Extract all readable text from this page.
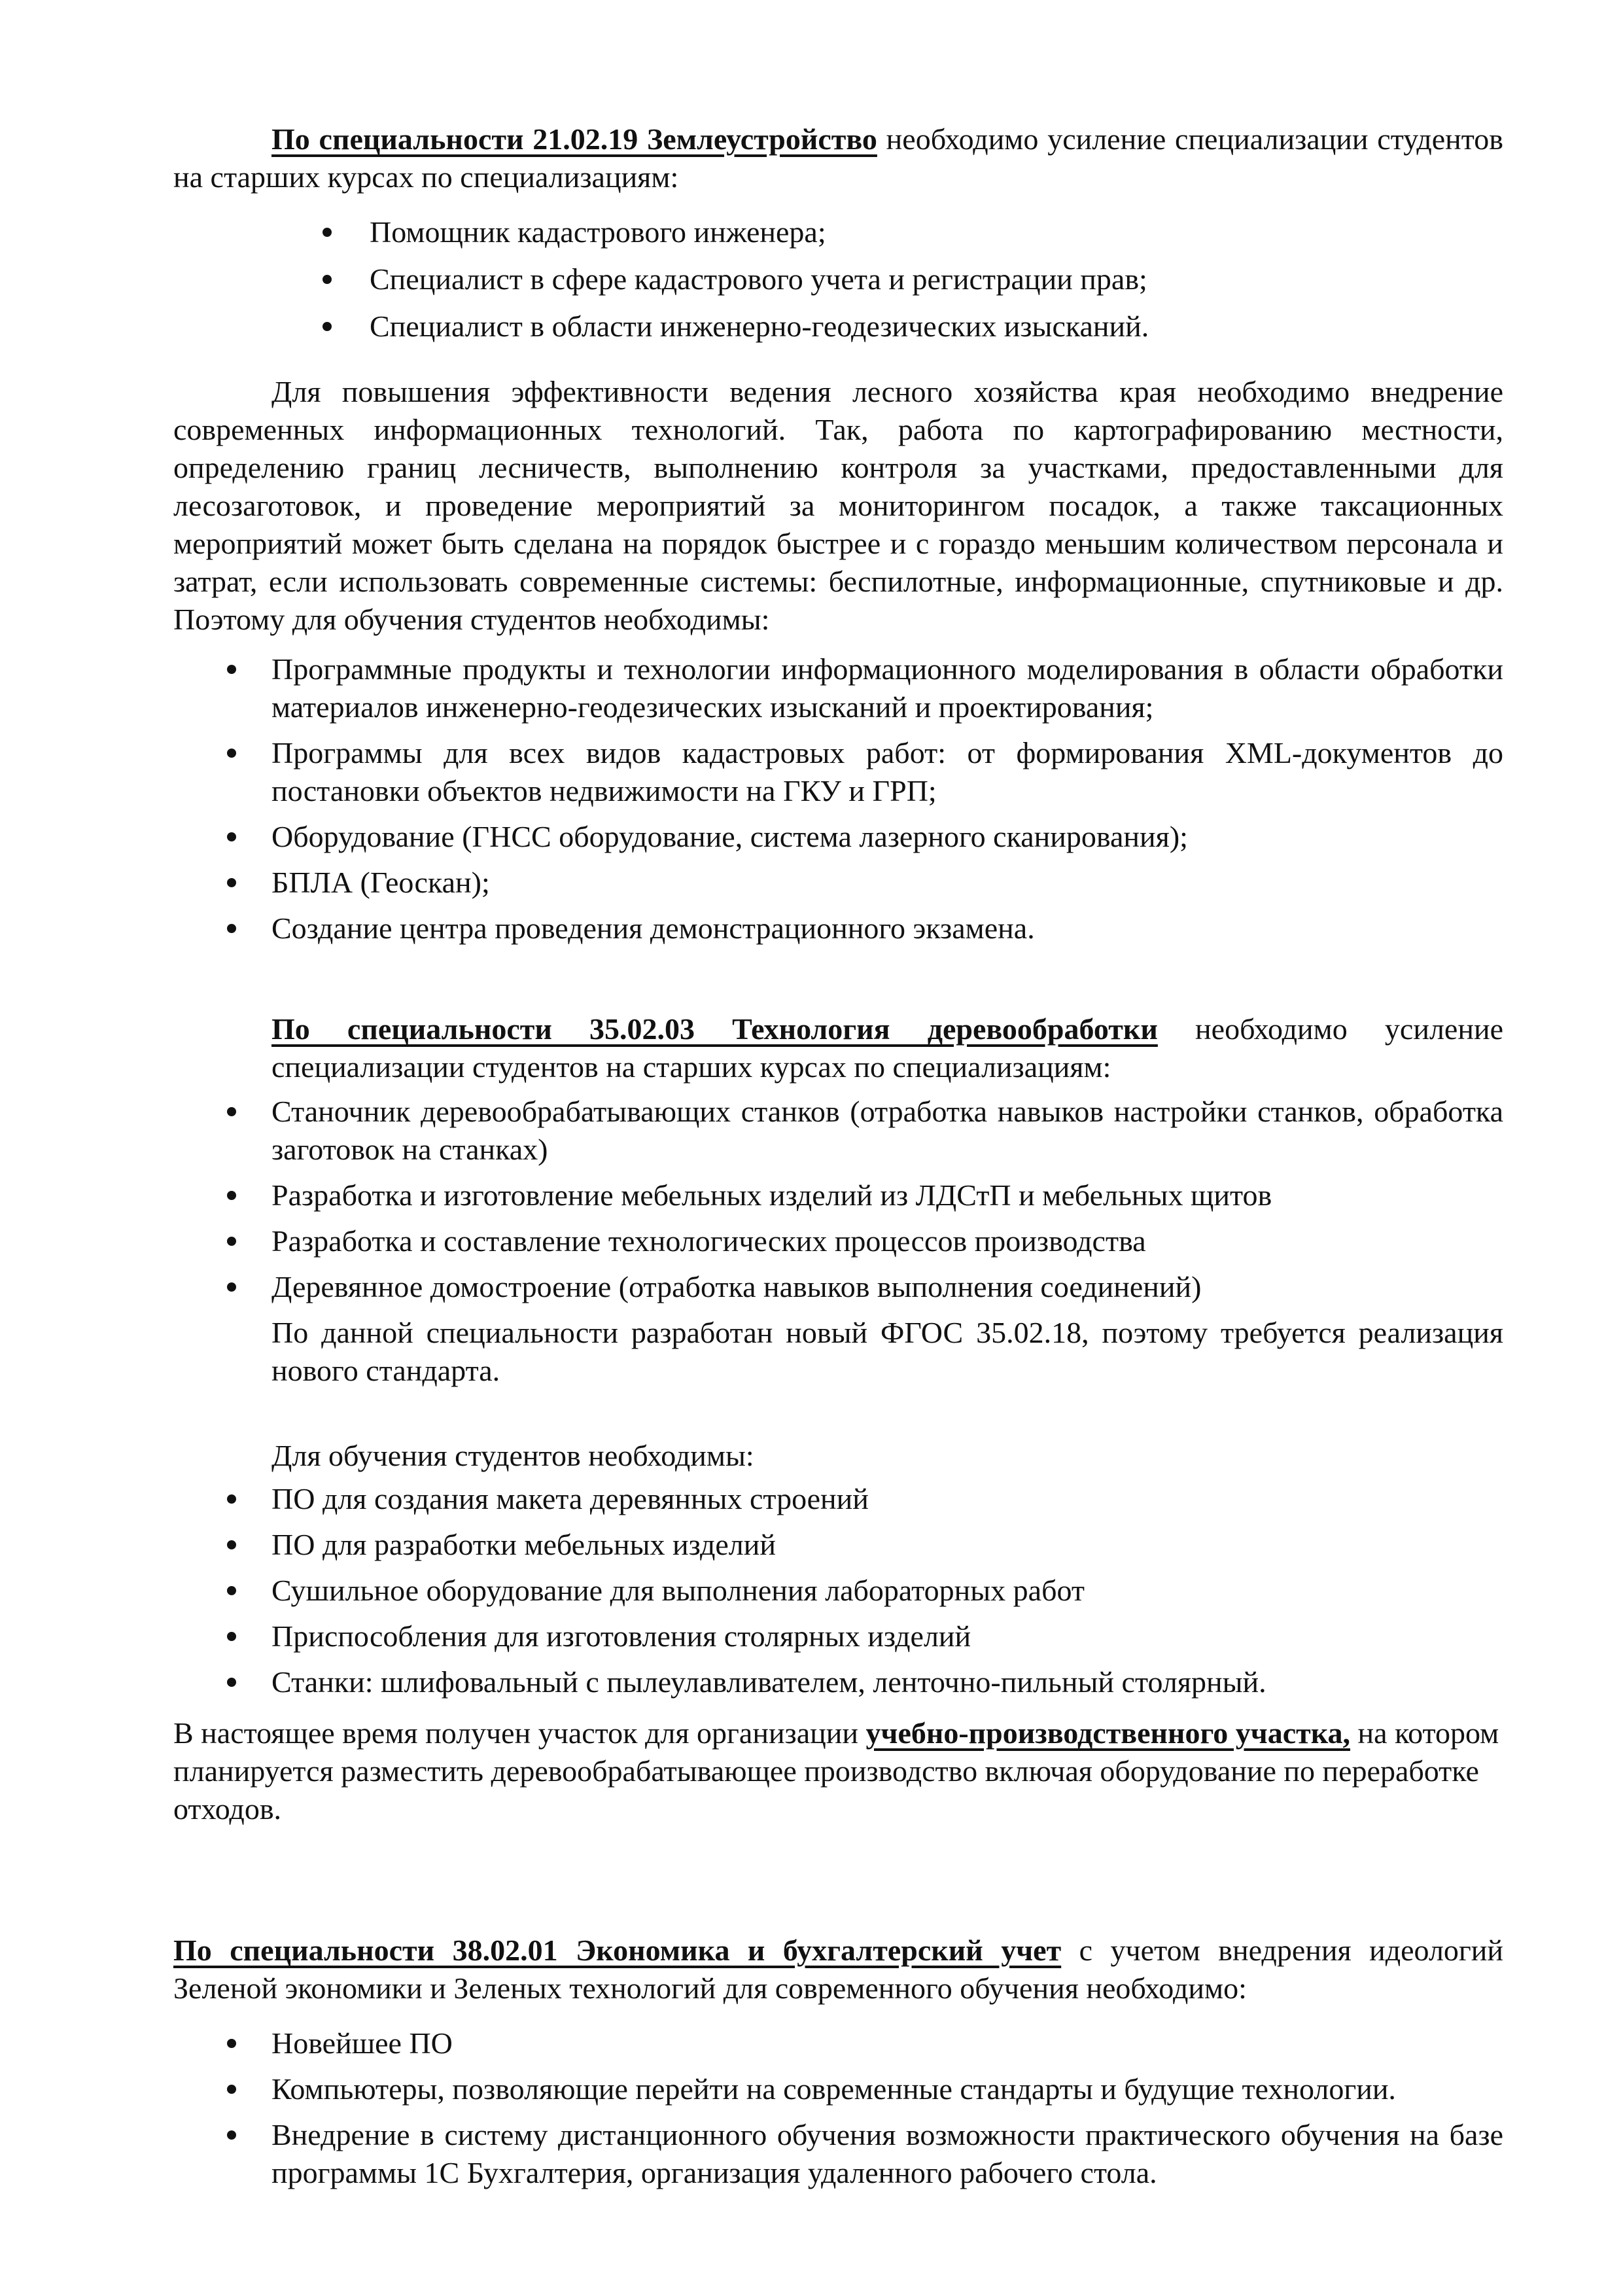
По специальности 21.02.19 Землеустройство необходимо усиление специализации студентов на старших курсах по специализациям:

Помощник кадастрового инженера;
Специалист в сфере кадастрового учета и регистрации прав;
Специалист в области инженерно-геодезических изысканий.

Для повышения эффективности ведения лесного хозяйства края необходимо внедрение современных информационных технологий. Так, работа по картографированию местности, определению границ лесничеств, выполнению контроля за участками, предоставленными для лесозаготовок, и проведение мероприятий за мониторингом посадок, а также таксационных мероприятий может быть сделана на порядок быстрее и с гораздо меньшим количеством персонала и затрат, если использовать современные системы: беспилотные, информационные, спутниковые и др. Поэтому для обучения студентов необходимы:

Программные продукты и технологии информационного моделирования в области обработки материалов инженерно-геодезических изысканий и проектирования;
Программы для всех видов кадастровых работ: от формирования XML-документов до постановки объектов недвижимости на ГКУ и ГРП;
Оборудование (ГНСС оборудование, система лазерного сканирования);
БПЛА (Геоскан);
Создание центра проведения демонстрационного экзамена.

По специальности 35.02.03 Технология деревообработки необходимо усиление специализации студентов на старших курсах по специализациям:

Станочник деревообрабатывающих станков (отработка навыков настройки станков, обработка заготовок на станках)
Разработка и изготовление мебельных изделий из ЛДСтП и мебельных щитов
Разработка и составление технологических процессов производства
Деревянное домостроение (отработка навыков выполнения соединений)

По данной специальности разработан новый ФГОС 35.02.18, поэтому требуется реализация нового стандарта.

Для обучения студентов необходимы:

ПО для создания макета деревянных строений
ПО для разработки мебельных изделий
Сушильное оборудование для выполнения лабораторных работ
Приспособления для изготовления столярных изделий
Станки: шлифовальный с пылеулавливателем, ленточно-пильный столярный.

В настоящее время получен участок для организации учебно-производственного участка, на котором планируется разместить деревообрабатывающее производство включая оборудование по переработке отходов.

По специальности 38.02.01 Экономика и бухгалтерский учет с учетом внедрения идеологий Зеленой экономики и Зеленых технологий для современного обучения необходимо:

Новейшее ПО
Компьютеры, позволяющие перейти на современные стандарты и будущие технологии.
Внедрение в систему дистанционного обучения возможности практического обучения на базе программы 1С Бухгалтерия, организация удаленного рабочего стола.
